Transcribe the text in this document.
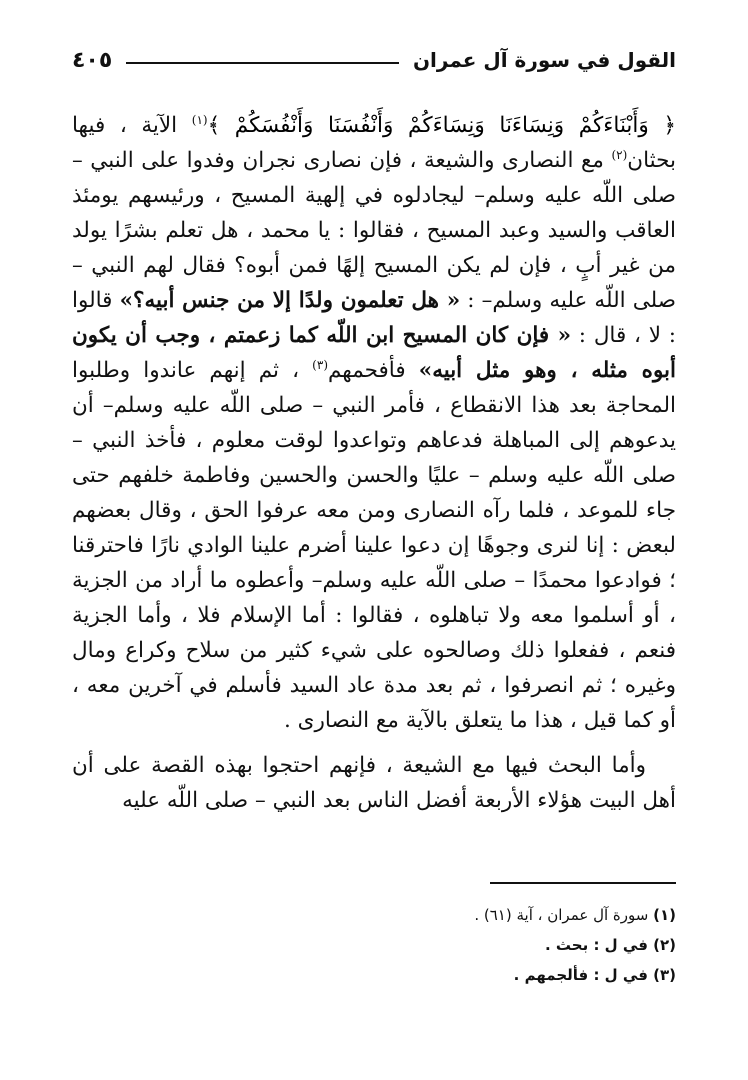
القول في سورة آل عمران
٤٠٥

﴿ وَأَبْنَاءَكُمْ وَنِسَاءَنَا وَنِسَاءَكُمْ وَأَنْفُسَنَا وَأَنْفُسَكُمْ ﴾$^{(١)}$ الآية ، فيها بحثان$^{(٢)}$ مع النصارى والشيعة ، فإن نصارى نجران وفدوا على النبي – صلى اللّه عليه وسلم– ليجادلوه في إلهية المسيح ، ورئيسهم يومئذ العاقب والسيد وعبد المسيح ، فقالوا : يا محمد ، هل تعلم بشرًا يولد من غير أبٍ ، فإن لم يكن المسيح إلهًا فمن أبوه؟ فقال لهم النبي – صلى اللّه عليه وسلم– : « هل تعلمون ولدًا إلا من جنس أبيه؟» قالوا : لا ، قال : « فإن كان المسيح ابن اللّه كما زعمتم ، وجب أن يكون أبوه مثله ، وهو مثل أبيه» فأفحمهم$^{(٣)}$ ، ثم إنهم عاندوا وطلبوا المحاجة بعد هذا الانقطاع ، فأمر النبي – صلى اللّه عليه وسلم– أن يدعوهم إلى المباهلة فدعاهم وتواعدوا لوقت معلوم ، فأخذ النبي – صلى اللّه عليه وسلم – عليًا والحسن والحسين وفاطمة خلفهم حتى جاء للموعد ، فلما رآه النصارى ومن معه عرفوا الحق ، وقال بعضهم لبعض : إنا لنرى وجوهًا إن دعوا علينا أضرم علينا الوادي نارًا فاحترقنا ؛ فوادعوا محمدًا – صلى اللّه عليه وسلم– وأعطوه ما أراد من الجزية ، أو أسلموا معه ولا تباهلوه ، فقالوا : أما الإسلام فلا ، وأما الجزية فنعم ، ففعلوا ذلك وصالحوه على شيء كثير من سلاح وكراع ومال وغيره ؛ ثم انصرفوا ، ثم بعد مدة عاد السيد فأسلم في آخرين معه ، أو كما قيل ، هذا ما يتعلق بالآية مع النصارى .

وأما البحث فيها مع الشيعة ، فإنهم احتجوا بهذه القصة على أن أهل البيت هؤلاء الأربعة أفضل الناس بعد النبي – صلى اللّه عليه

(١) سورة آل عمران ، آية (٦١) .

(٢) في ل : بحث .

(٣) في ل : فألجمهم .
